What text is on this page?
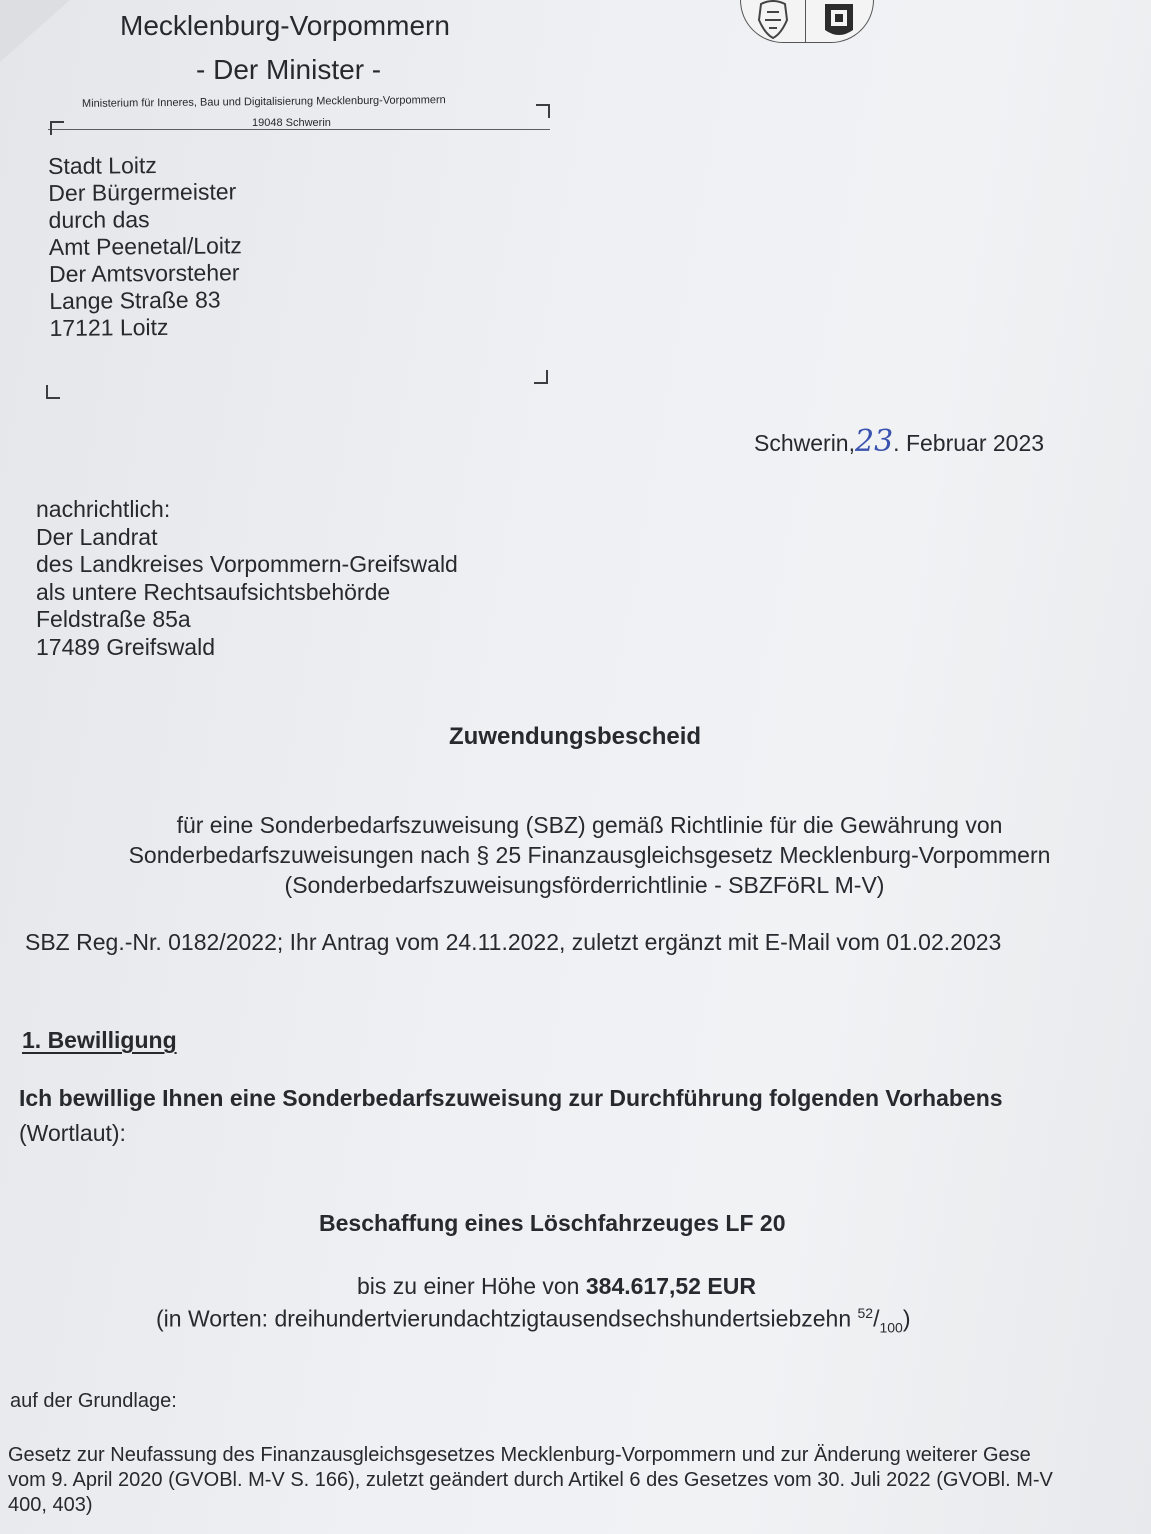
Mecklenburg-Vorpommern
- Der Minister -
Ministerium für Inneres, Bau und Digitalisierung Mecklenburg-Vorpommern
19048 Schwerin
Stadt Loitz
Der Bürgermeister
durch das
Amt Peenetal/Loitz
Der Amtsvorsteher
Lange Straße 83
17121 Loitz
Schwerin,23. Februar 2023
nachrichtlich:
Der Landrat
des Landkreises Vorpommern-Greifswald
als untere Rechtsaufsichtsbehörde
Feldstraße 85a
17489 Greifswald
Zuwendungsbescheid
für eine Sonderbedarfszuweisung (SBZ) gemäß Richtlinie für die Gewährung von
Sonderbedarfszuweisungen nach § 25 Finanzausgleichsgesetz Mecklenburg-Vorpommern
(Sonderbedarfszuweisungsförderrichtlinie - SBZFöRL M-V)
SBZ Reg.-Nr. 0182/2022; Ihr Antrag vom 24.11.2022, zuletzt ergänzt mit E-Mail vom 01.02.2023
1. Bewilligung
Ich bewillige Ihnen eine Sonderbedarfszuweisung zur Durchführung folgenden Vorhabens
(Wortlaut):
Beschaffung eines Löschfahrzeuges LF 20
bis zu einer Höhe von 384.617,52 EUR
(in Worten: dreihundertvierundachtzigtausendsechshundertsiebzehn $^{52}/_{100}$)
auf der Grundlage:
Gesetz zur Neufassung des Finanzausgleichsgesetzes Mecklenburg-Vorpommern und zur Änderung weiterer Gese
vom 9. April 2020 (GVOBl. M-V S. 166), zuletzt geändert durch Artikel 6 des Gesetzes vom 30. Juli 2022 (GVOBl. M-V
400, 403)
